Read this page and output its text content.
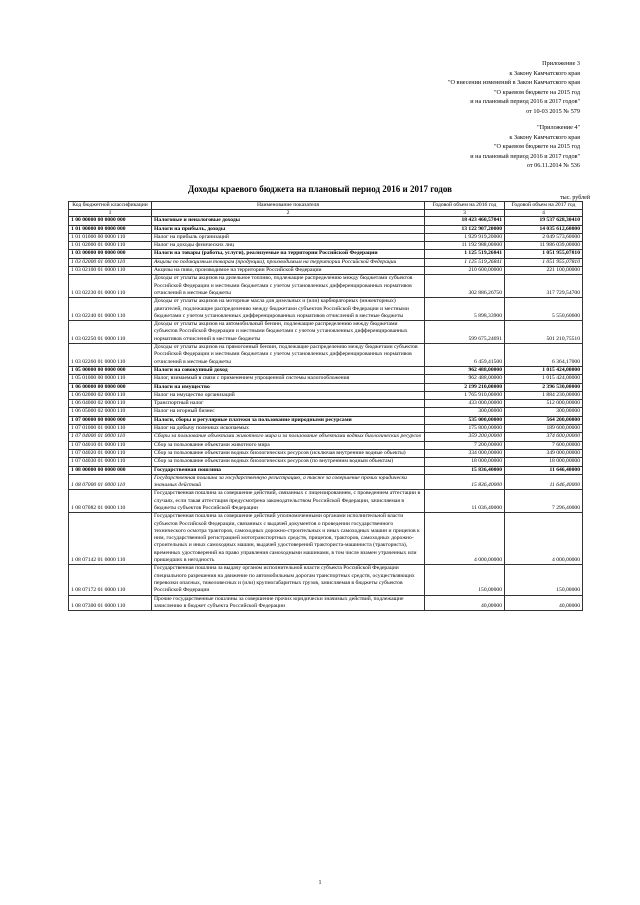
Приложение 3
к Закону Камчатского края
"О внесении изменений в Закон Камчатского края
"О краевом бюджете на 2015 год
и на плановый период 2016 и 2017 годов"
от 10-03 2015 № 579
"Приложение 4"
к Закону Камчатского края
"О краевом бюджете на 2015 год
и на плановый период 2016 и 2017 годов"
от 06.11.2014 № 536
Доходы краевого бюджета на плановый период 2016 и 2017 годов
тыс. рублей
Код бюджетной классификации	Наименование показателя	Годовой объем на 2016 год	Годовой объем на 2017 год
1	2	3	4
1 00 00000 00 0000 000	Налоговые и неналоговые доходы	18 423 460,57041	19 537 628,30410
1 01 00000 00 0000 000	Налоги на прибыль, доходы	13 122 907,20000	14 035 612,60000
1 01 01000 00 0000 110	Налог на прибыль организаций	1 929 919,20000	2 049 573,60000
1 01 02000 01 0000 110	Налог на доходы физических лиц	11 192 988,00000	11 986 039,00000
1 03 00000 00 0000 000	Налоги на товары (работы, услуги), реализуемые на территории Российской Федерации	1 125 519,26841	1 051 955,07810
1 03 02000 01 0000 110	Акцизы по подакцизным товарам (продукции), производимым на территории Российской Федерации	1 125 519,26841	1 051 955,07810
1 03 02100 01 0000 110	Акцизы на пиво, производимое на территории Российской Федерации	210 600,00000	221 100,00000
1 03 02230 01 0000 110	Доходы от уплаты акцизов на дизельное топливо, подлежащие распределению между бюджетами субъектов Российской Федерации и местными бюджетами с учетом установленных дифференцированных нормативов отчислений в местные бюджеты	302 886,26750	317 729,54700
1 03 02240 01 0000 110	Доходы от уплаты акцизов на моторные масла для дизельных и (или) карбюраторных (инжекторных) двигателей, подлежащие распределению между бюджетами субъектов Российской Федерации и местными бюджетами с учетом установленных дифференцированных нормативов отчислений в местные бюджеты	5 898,33900	5 550,60600
1 03 02250 01 0000 110	Доходы от уплаты акцизов на автомобильный бензин, подлежащие распределению между бюджетами субъектов Российской Федерации и местными бюджетами с учетом установленных дифференцированных нормативов отчислений в местные бюджеты	599 675,24691	501 210,75510
1 03 02260 01 0000 110	Доходы от уплаты акцизов на прямогонный бензин, подлежащие распределению между бюджетами субъектов Российской Федерации и местными бюджетами с учетом установленных дифференцированных нормативов отчислений в местные бюджеты	6 459,41500	6 364,17000
1 05 00000 00 0000 000	Налоги на совокупный доход	962 488,00000	1 015 424,00000
1 05 01000 00 0000 110	Налог, взимаемый в связи с применением упрощенной системы налогообложения	962 488,00000	1 015 424,00000
1 06 00000 00 0000 000	Налоги на имущество	2 199 210,00000	2 396 530,00000
1 06 02000 02 0000 110	Налог на имущество организаций	1 765 910,00000	1 884 230,00000
1 06 04000 02 0000 110	Транспортный налог	433 000,00000	512 000,00000
1 06 05000 02 0000 110	Налог на игорный бизнес	300,00000	300,00000
1 07 00000 00 0000 000	Налоги, сборы и регулярные платежи за пользование природными ресурсами	535 000,00000	564 200,00000
1 07 01000 01 0000 110	Налог на добычу полезных ископаемых	175 800,00000	189 600,00000
1 07 04000 01 0000 110	Сборы за пользование объектами животного мира и за пользование объектами водных биологических ресурсов	359 200,00000	374 600,00000
1 07 04010 01 0000 110	Сбор за пользование объектами животного мира	7 200,00000	7 600,00000
1 07 04020 01 0000 110	Сбор за пользование объектами водных биологических ресурсов (исключая внутренние водные объекты)	334 000,00000	349 000,00000
1 07 04030 01 0000 110	Сбор за пользование объектами водных биологических ресурсов (по внутренним водным объектам)	18 000,00000	18 000,00000
1 08 00000 00 0000 000	Государственная пошлина	15 836,40000	11 646,40000
1 08 07000 01 0000 110	Государственная пошлина за государственную регистрацию, а также за совершение прочих юридически значимых действий	15 836,40000	11 646,40000
1 08 07082 01 0000 110	Государственная пошлина за совершение действий, связанных с лицензированием, с проведением аттестации в случаях, если такая аттестация предусмотрена законодательством Российской Федерации, зачисляемая в бюджеты субъектов Российской Федерации	11 036,40000	7 296,40000
1 08 07142 01 0000 110	Государственная пошлина за совершение действий уполномоченными органами исполнительной власти субъектов Российской Федерации, связанных с выдачей документов о проведении государственного технического осмотра тракторов, самоходных дорожно-строительных и иных самоходных машин и прицепов к ним, государственной регистрацией мототранспортных средств, прицепов, тракторов, самоходных дорожно-строительных и иных самоходных машин, выдачей удостоверений тракториста-машиниста (тракториста), временных удостоверений на право управления самоходными машинами, в том числе взамен утраченных или пришедших в негодность	4 000,00000	4 000,00000
1 08 07172 01 0000 110	Государственная пошлина за выдачу органом исполнительной власти субъекта Российской Федерации специального разрешения на движение по автомобильным дорогам транспортных средств, осуществляющих перевозки опасных, тяжеловесных и (или) крупногабаритных грузов, зачисляемая в бюджеты субъектов Российской Федерации	150,00000	150,00000
1 08 07300 01 0000 110	Прочие государственные пошлины за совершение прочих юридически значимых действий, подлежащие зачислению в бюджет субъекта Российской Федерации	40,00000	40,00000
1
